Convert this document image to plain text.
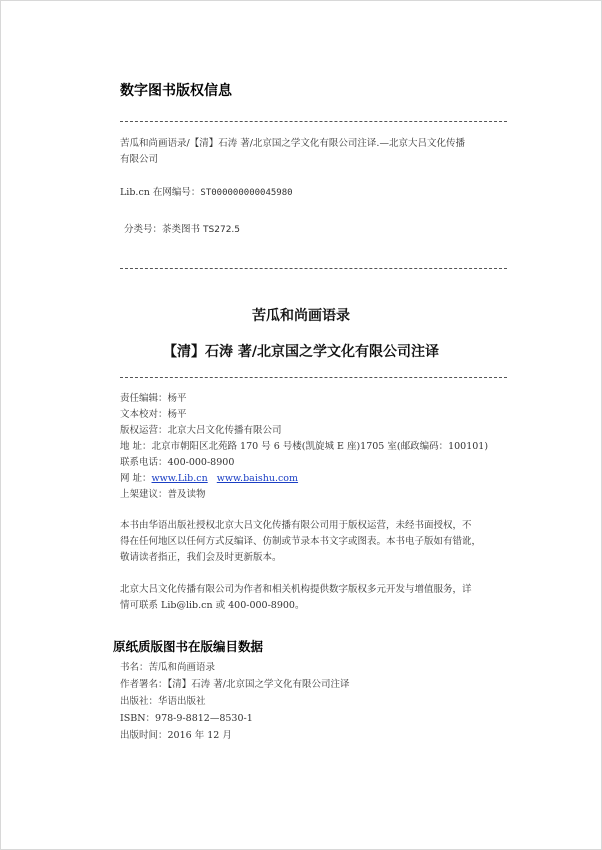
数字图书版权信息
苦瓜和尚画语录/【清】石涛 著/北京国之学文化有限公司注译.—北京大吕文化传播
有限公司
Lib.cn 在网编号：ST000000000045980
分类号：茶类图书 TS272.5
苦瓜和尚画语录
【清】石涛 著/北京国之学文化有限公司注译
责任编辑：杨平
文本校对：杨平
版权运营：北京大吕文化传播有限公司
地 址：北京市朝阳区北苑路 170 号 6 号楼(凯旋城 E 座)1705 室(邮政编码：100101)
联系电话：400-000-8900
网 址：www.Lib.cn www.baishu.com
上架建议：普及读物
本书由华语出版社授权北京大吕文化传播有限公司用于版权运营，未经书面授权，不
得在任何地区以任何方式反编译、仿制或节录本书文字或图表。本书电子版如有错讹，
敬请读者指正，我们会及时更新版本。
北京大吕文化传播有限公司为作者和相关机构提供数字版权多元开发与增值服务，详
情可联系 Lib@lib.cn 或 400-000-8900。
原纸质版图书在版编目数据
书名：苦瓜和尚画语录
作者署名：【清】石涛 著/北京国之学文化有限公司注译
出版社：华语出版社
ISBN：978-9-8812—8530-1
出版时间：2016 年 12 月
